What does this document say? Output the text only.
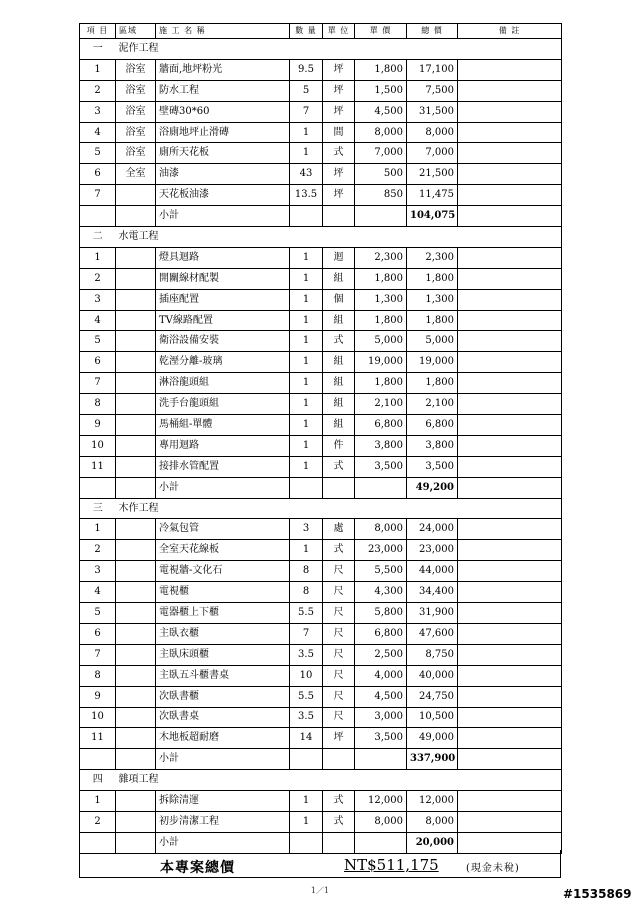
項 目	區域	施 工 名 稱	數 量	單 位	單 價	總 價	備 註
一	泥作工程						
1	浴室	牆面,地坪粉光	9.5	坪	1,800	17,100	
2	浴室	防水工程	5	坪	1,500	7,500	
3	浴室	壁磚30*60	7	坪	4,500	31,500	
4	浴室	浴廁地坪止滑磚	1	間	8,000	8,000	
5	浴室	廁所天花板	1	式	7,000	7,000	
6	全室	油漆	43	坪	500	21,500	
7		天花板油漆	13.5	坪	850	11,475	
		小計				104,075	
二	水電工程						
1		燈具迴路	1	迴	2,300	2,300	
2		開關線材配製	1	組	1,800	1,800	
3		插座配置	1	個	1,300	1,300	
4		TV線路配置	1	組	1,800	1,800	
5		衛浴設備安裝	1	式	5,000	5,000	
6		乾溼分離-玻璃	1	組	19,000	19,000	
7		淋浴龍頭組	1	組	1,800	1,800	
8		洗手台龍頭組	1	組	2,100	2,100	
9		馬桶組-單體	1	組	6,800	6,800	
10		專用迴路	1	件	3,800	3,800	
11		接排水管配置	1	式	3,500	3,500	
		小計				49,200	
三	木作工程						
1		冷氣包管	3	處	8,000	24,000	
2		全室天花線板	1	式	23,000	23,000	
3		電視牆-文化石	8	尺	5,500	44,000	
4		電視櫃	8	尺	4,300	34,400	
5		電器櫃上下櫃	5.5	尺	5,800	31,900	
6		主臥衣櫃	7	尺	6,800	47,600	
7		主臥床頭櫃	3.5	尺	2,500	8,750	
8		主臥五斗櫃書桌	10	尺	4,000	40,000	
9		次臥書櫃	5.5	尺	4,500	24,750	
10		次臥書桌	3.5	尺	3,000	10,500	
11		木地板超耐磨	14	坪	3,500	49,000	
		小計				337,900	
四	雜項工程						
1		拆除清運	1	式	12,000	12,000	
2		初步清潔工程	1	式	8,000	8,000	
		小計				20,000	
本專案總價	NT$511,175	(現金未稅)
1／1	#1535869
